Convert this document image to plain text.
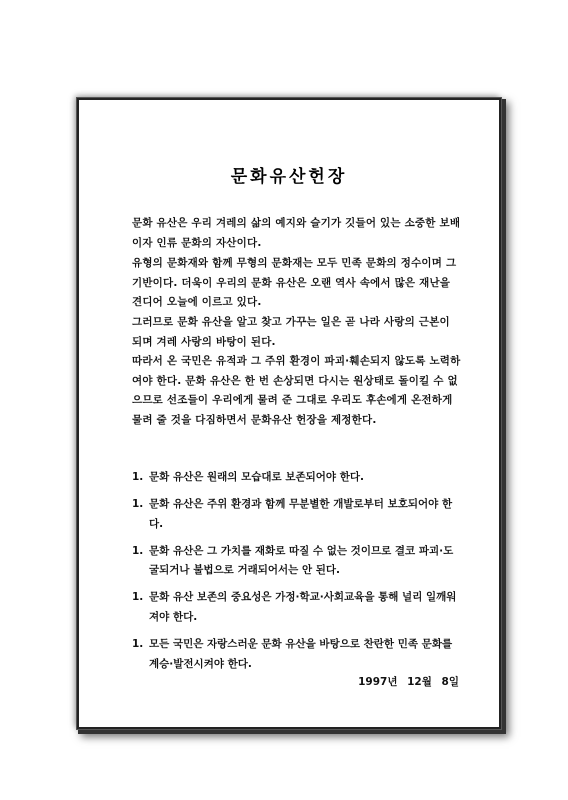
문화유산헌장

문화 유산은 우리 겨레의 삶의 예지와 슬기가 깃들어 있는 소중한 보배이자 인류 문화의 자산이다.

유형의 문화재와 함께 무형의 문화재는 모두 민족 문화의 정수이며 그 기반이다. 더욱이 우리의 문화 유산은 오랜 역사 속에서 많은 재난을 견디어 오늘에 이르고 있다.

그러므로 문화 유산을 알고 찾고 가꾸는 일은 곧 나라 사랑의 근본이 되며 겨레 사랑의 바탕이 된다.

따라서 온 국민은 유적과 그 주위 환경이 파괴·훼손되지 않도록 노력하여야 한다. 문화 유산은 한 번 손상되면 다시는 원상태로 돌이킬 수 없으므로 선조들이 우리에게 물려 준 그대로 우리도 후손에게 온전하게 물려 줄 것을 다짐하면서 문화유산 헌장을 제정한다.

1. 문화 유산은 원래의 모습대로 보존되어야 한다.
1. 문화 유산은 주위 환경과 함께 무분별한 개발로부터 보호되어야 한다.
1. 문화 유산은 그 가치를 재화로 따질 수 없는 것이므로 결코 파괴·도굴되거나 불법으로 거래되어서는 안 된다.
1. 문화 유산 보존의 중요성은 가정·학교·사회교육을 통해 널리 일깨워져야 한다.
1. 모든 국민은 자랑스러운 문화 유산을 바탕으로 찬란한 민족 문화를 계승·발전시켜야 한다.
1997년 12월 8일
